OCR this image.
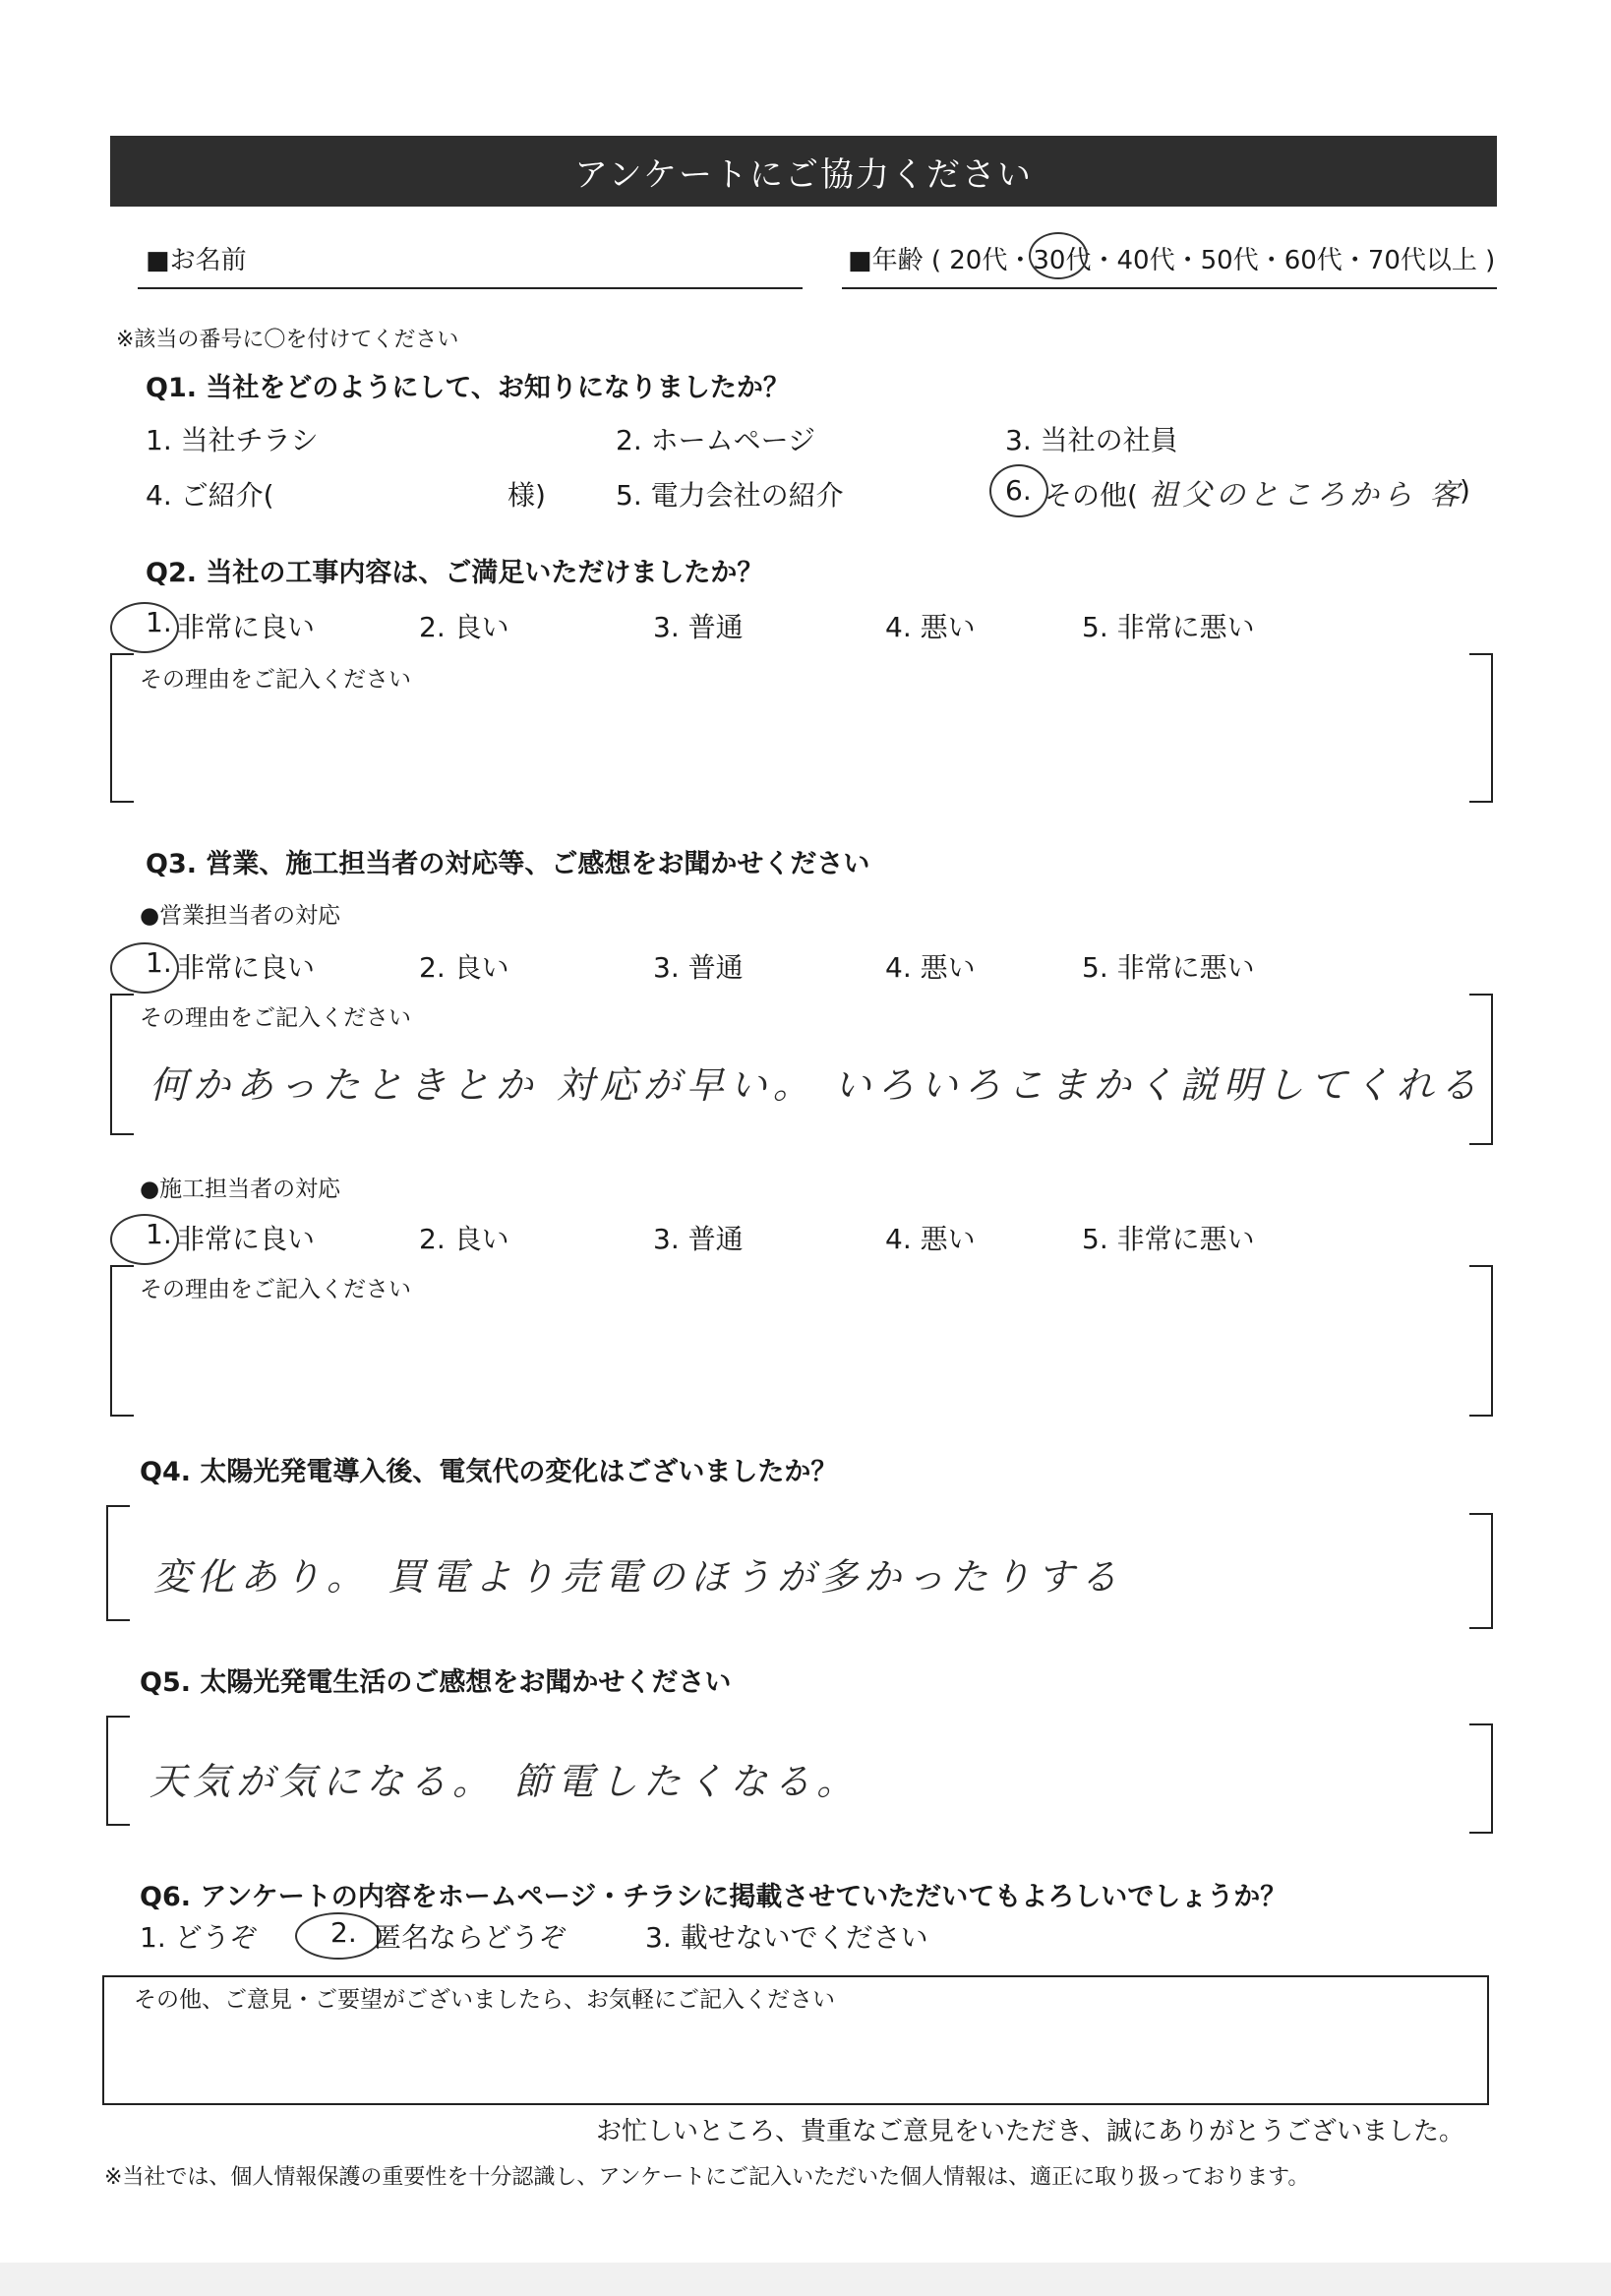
アンケートにご協力ください
■お名前	■年齢 ( 20代・30代・40代・50代・60代・70代以上 )
※該当の番号に〇を付けてください
Q1. 当社をどのようにして、お知りになりましたか？
1. 当社チラシ	2. ホームページ	3. 当社の社員
4. ご紹介(	様)	5. 電力会社の紹介	6. その他( 祖父のところから 客
)
Q2. 当社の工事内容は、ご満足いただけましたか？
1. 非常に良い	2. 良い	3. 普通	4. 悪い	5. 非常に悪い
その理由をご記入ください
Q3. 営業、施工担当者の対応等、ご感想をお聞かせください
●営業担当者の対応
1. 非常に良い	2. 良い	3. 普通	4. 悪い	5. 非常に悪い
その理由をご記入ください
何かあったときとか 対応が早い。 いろいろこまかく説明してくれる
●施工担当者の対応
1. 非常に良い	2. 良い	3. 普通	4. 悪い	5. 非常に悪い
その理由をご記入ください
Q4. 太陽光発電導入後、電気代の変化はございましたか？
変化あり。 買電より売電のほうが多かったりする
Q5. 太陽光発電生活のご感想をお聞かせください
天気が気になる。 節電したくなる。
Q6. アンケートの内容をホームページ・チラシに掲載させていただいてもよろしいでしょうか？
1. どうぞ	2. 匿名ならどうぞ	3. 載せないでください
その他、ご意見・ご要望がございましたら、お気軽にご記入ください
お忙しいところ、貴重なご意見をいただき、誠にありがとうございました。
※当社では、個人情報保護の重要性を十分認識し、アンケートにご記入いただいた個人情報は、適正に取り扱っております。
